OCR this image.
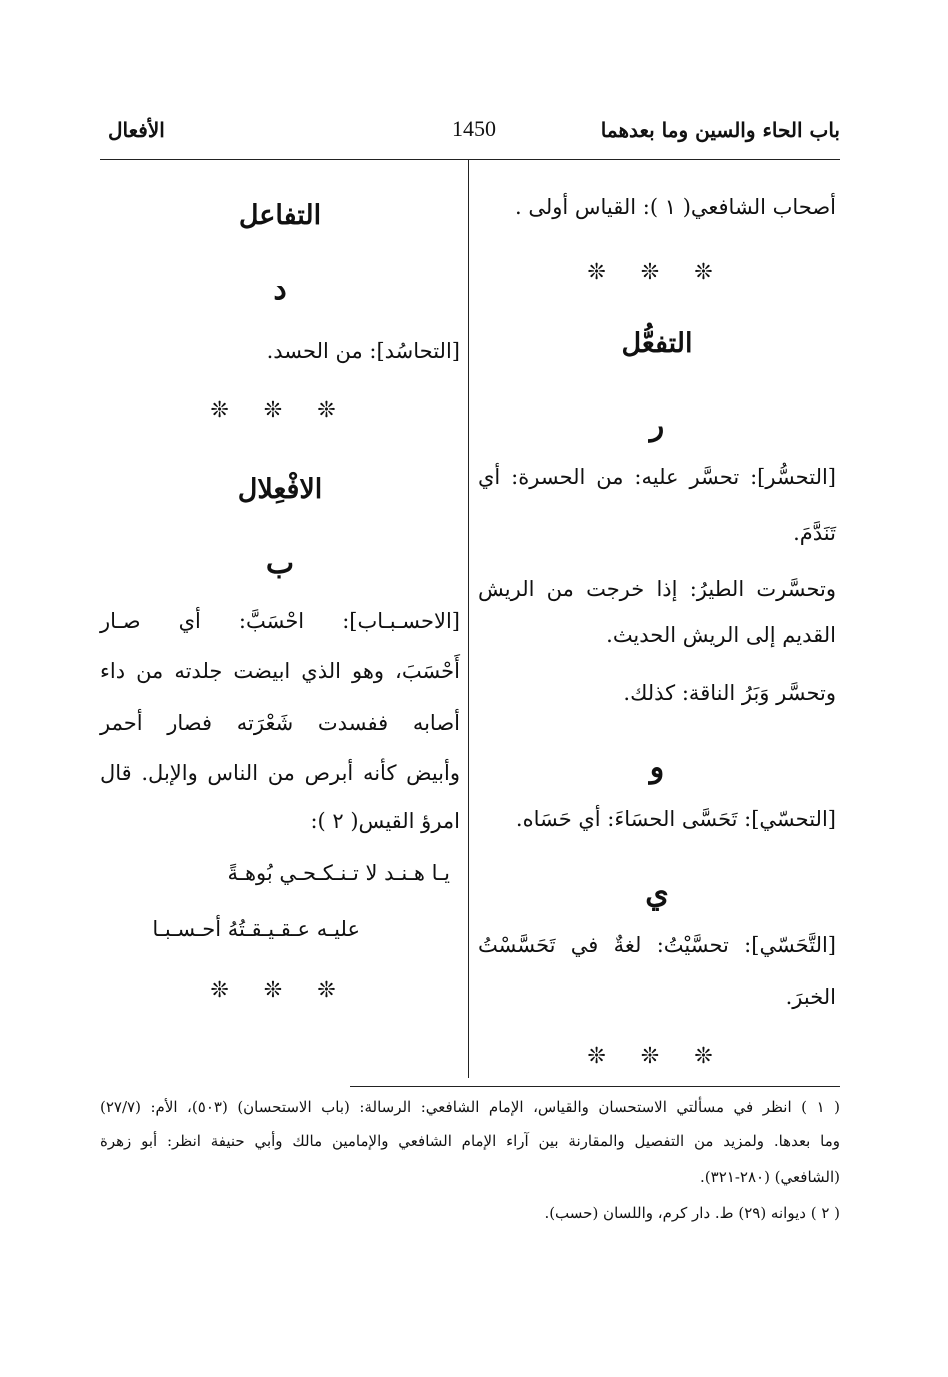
باب الحاء والسين وما بعدهما
1450
الأفعال
أصحاب الشافعي( ١ ): القياس أولى .
❊ ❊ ❊
التفعُّل
ر
[التحسُّر]: تحسَّر عليه: من الحسرة: أي
تَنَدَّمَ.
وتحسَّرت الطيرُ: إذا خرجت من الريش
القديم إلى الريش الحديث.
وتحسَّر وَبَرُ الناقة: كذلك.
و
[التحسّي]: تَحَسَّى الحسَاءَ: أي حَسَاه.
ي
[التَّحَسّي]: تحسَّيْتُ: لغةٌ في تَحَسَّسْتُ
الخبرَ.
❊ ❊ ❊
التفاعل
د
[التحاسُد]: من الحسد.
❊ ❊ ❊
الافْعِلال
ب
[الاحسـبـاب]: احْسَبَّ: أي صـار
أَحْسَبَ، وهو الذي ابيضت جلدته من داء
أصابه ففسدت شَعْرَته فصار أحمر
وأبيض كأنه أبرص من الناس والإبل. قال
امرؤ القيس( ٢ ):
يـا هـنـد لا تـنـكـحـي بُوهـةً
عليـه عـقـيـقـتُهُ أحـسـبـا
❊ ❊ ❊
( ١ ) انظر في مسألتي الاستحسان والقياس، الإمام الشافعي: الرسالة: (باب الاستحسان) (٥٠٣)، الأم: (٢٧/٧)
وما بعدها. ولمزيد من التفصيل والمقارنة بين آراء الإمام الشافعي والإمامين مالك وأبي حنيفة انظر: أبو زهرة
(الشافعي) (٢٨٠-٣٢١).
( ٢ ) ديوانه (٢٩) ط. دار كرم، واللسان (حسب).
